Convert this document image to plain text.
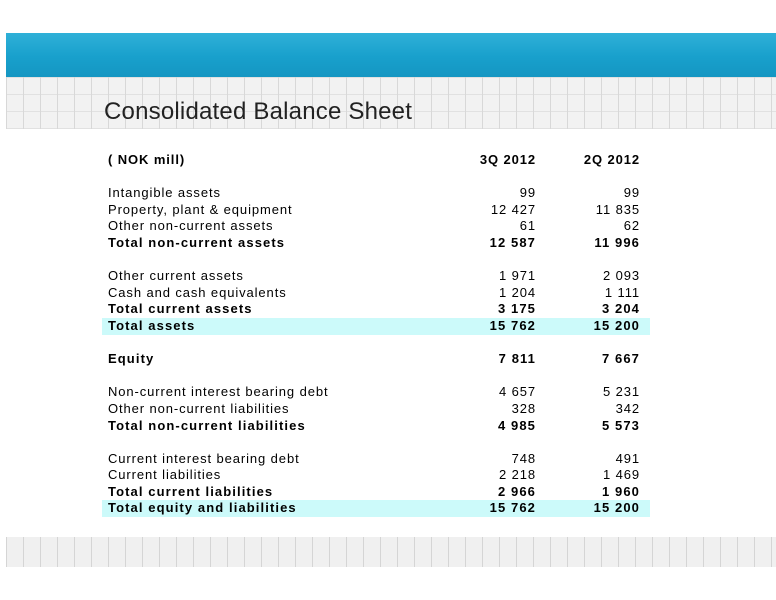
Consolidated Balance Sheet
( NOK mill)	3Q 2012	2Q 2012
Intangible assets	99	99
Property, plant & equipment	12 427	11 835
Other non-current assets	61	62
Total non-current assets	12 587	11 996
Other current assets	1 971	2 093
Cash and cash equivalents	1 204	1 111
Total current assets	3 175	3 204
Total assets	15 762	15 200
Equity	7 811	7 667
Non-current interest bearing debt	4 657	5 231
Other non-current liabilities	328	342
Total non-current liabilities	4 985	5 573
Current interest bearing debt	748	491
Current liabilities	2 218	1 469
Total current liabilities	2 966	1 960
Total equity and liabilities	15 762	15 200
